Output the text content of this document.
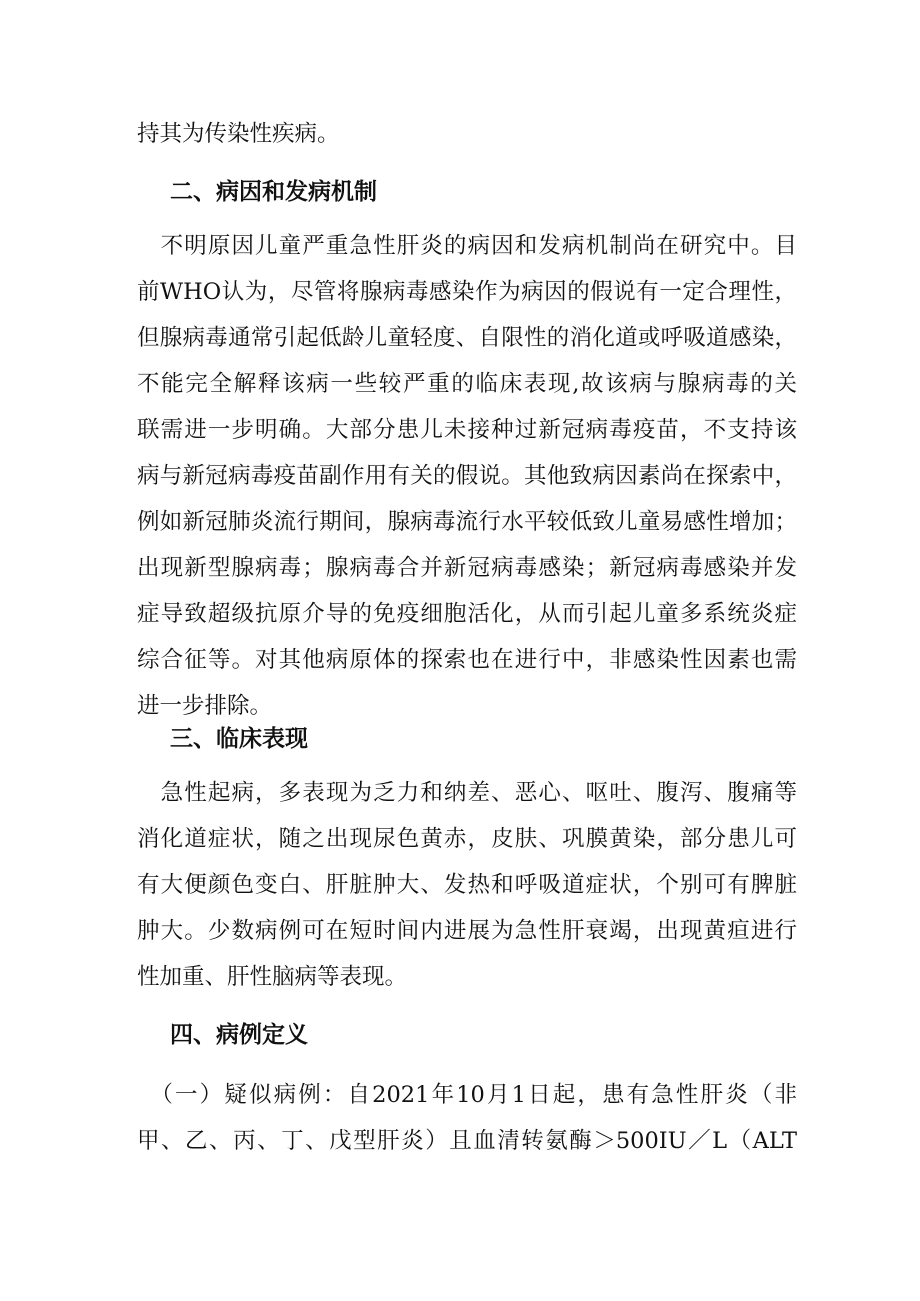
持其为传染性疾病。
二、病因和发病机制
　不明原因儿童严重急性肝炎的病因和发病机制尚在研究中。目
前WHO认为，尽管将腺病毒感染作为病因的假说有一定合理性，
但腺病毒通常引起低龄儿童轻度、自限性的消化道或呼吸道感染，
不能完全解释该病一些较严重的临床表现,故该病与腺病毒的关
联需进一步明确。大部分患儿未接种过新冠病毒疫苗，不支持该
病与新冠病毒疫苗副作用有关的假说。其他致病因素尚在探索中，
例如新冠肺炎流行期间，腺病毒流行水平较低致儿童易感性增加；
出现新型腺病毒；腺病毒合并新冠病毒感染；新冠病毒感染并发
症导致超级抗原介导的免疫细胞活化，从而引起儿童多系统炎症
综合征等。对其他病原体的探索也在进行中，非感染性因素也需
进一步排除。
三、临床表现
　急性起病，多表现为乏力和纳差、恶心、呕吐、腹泻、腹痛等
消化道症状，随之出现尿色黄赤，皮肤、巩膜黄染，部分患儿可
有大便颜色变白、肝脏肿大、发热和呼吸道症状，个别可有脾脏
肿大。少数病例可在短时间内进展为急性肝衰竭，出现黄疸进行
性加重、肝性脑病等表现。
四、病例定义
　（一）疑似病例：自2021年10月1日起，患有急性肝炎（非
甲、乙、丙、丁、戊型肝炎）且血清转氨酶＞500IU／L（ALT
